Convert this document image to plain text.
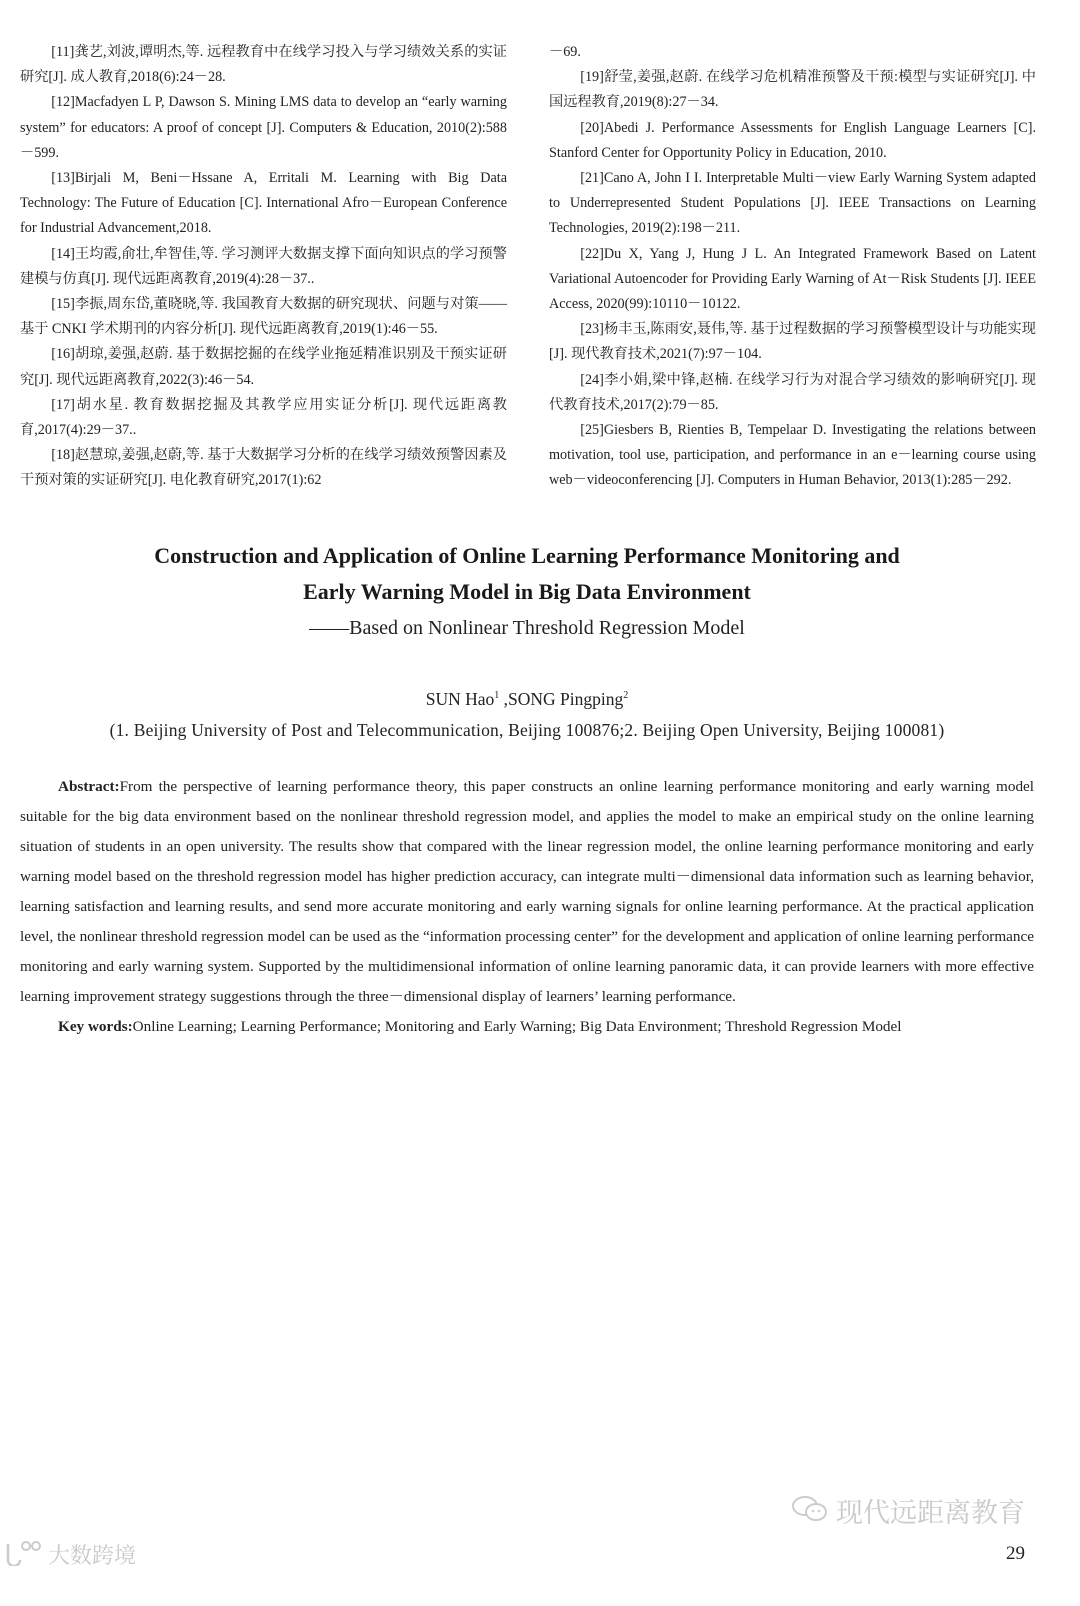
[11]龚艺,刘波,谭明杰,等. 远程教育中在线学习投入与学习绩效关系的实证研究[J]. 成人教育,2018(6):24－28.

[12]Macfadyen L P, Dawson S. Mining LMS data to develop an “early warning system” for educators: A proof of concept [J]. Computers & Education, 2010(2):588－599.

[13]Birjali M, Beni－Hssane A, Erritali M. Learning with Big Data Technology: The Future of Education [C]. International Afro－European Conference for Industrial Advancement,2018.

[14]王均霞,俞壮,牟智佳,等. 学习测评大数据支撑下面向知识点的学习预警建模与仿真[J]. 现代远距离教育,2019(4):28－37..

[15]李振,周东岱,董晓晓,等. 我国教育大数据的研究现状、问题与对策——基于 CNKI 学术期刊的内容分析[J]. 现代远距离教育,2019(1):46－55.

[16]胡琼,姜强,赵蔚. 基于数据挖掘的在线学业拖延精准识别及干预实证研究[J]. 现代远距离教育,2022(3):46－54.

[17]胡水星. 教育数据挖掘及其教学应用实证分析[J]. 现代远距离教育,2017(4):29－37..

[18]赵慧琼,姜强,赵蔚,等. 基于大数据学习分析的在线学习绩效预警因素及干预对策的实证研究[J]. 电化教育研究,2017(1):62

－69.

[19]舒莹,姜强,赵蔚. 在线学习危机精准预警及干预:模型与实证研究[J]. 中国远程教育,2019(8):27－34.

[20]Abedi J. Performance Assessments for English Language Learners [C]. Stanford Center for Opportunity Policy in Education, 2010.

[21]Cano A, John I I. Interpretable Multi－view Early Warning System adapted to Underrepresented Student Populations [J]. IEEE Transactions on Learning Technologies, 2019(2):198－211.

[22]Du X, Yang J, Hung J L. An Integrated Framework Based on Latent Variational Autoencoder for Providing Early Warning of At－Risk Students [J]. IEEE Access, 2020(99):10110－10122.

[23]杨丰玉,陈雨安,聂伟,等. 基于过程数据的学习预警模型设计与功能实现[J]. 现代教育技术,2021(7):97－104.

[24]李小娟,梁中锋,赵楠. 在线学习行为对混合学习绩效的影响研究[J]. 现代教育技术,2017(2):79－85.

[25]Giesbers B, Rienties B, Tempelaar D. Investigating the relations between motivation, tool use, participation, and performance in an e－learning course using web－videoconferencing [J]. Computers in Human Behavior, 2013(1):285－292.

Construction and Application of Online Learning Performance Monitoring and
Early Warning Model in Big Data Environment
——Based on Nonlinear Threshold Regression Model
SUN Hao$^1$ ,SONG Pingping$^2$
(1. Beijing University of Post and Telecommunication, Beijing 100876;2. Beijing Open University, Beijing 100081)

Abstract:From the perspective of learning performance theory, this paper constructs an online learning performance monitoring and early warning model suitable for the big data environment based on the nonlinear threshold regression model, and applies the model to make an empirical study on the online learning situation of students in an open university. The results show that compared with the linear regression model, the online learning performance monitoring and early warning model based on the threshold regression model has higher prediction accuracy, can integrate multi－dimensional data information such as learning behavior, learning satisfaction and learning results, and send more accurate monitoring and early warning signals for online learning performance. At the practical application level, the nonlinear threshold regression model can be used as the “information processing center” for the development and application of online learning performance monitoring and early warning system. Supported by the multidimensional information of online learning panoramic data, it can provide learners with more effective learning improvement strategy suggestions through the three－dimensional display of learners’ learning performance.

Key words:Online Learning; Learning Performance; Monitoring and Early Warning; Big Data Environment; Threshold Regression Model

现代远距离教育
大数跨境	29
